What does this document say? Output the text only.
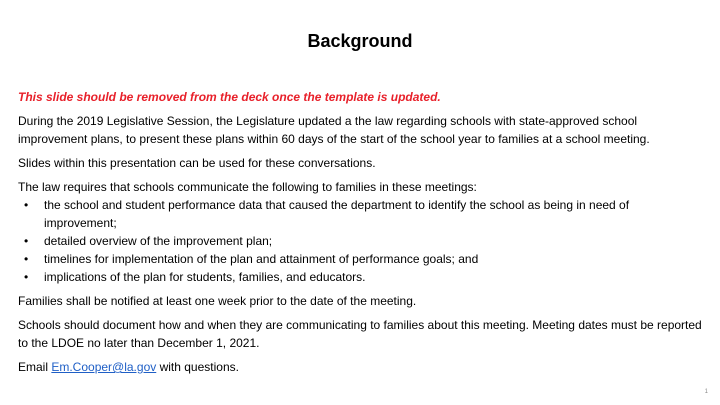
Background

This slide should be removed from the deck once the template is updated.

During the 2019 Legislative Session, the Legislature updated a the law regarding schools with state-approved school improvement plans, to present these plans within 60 days of the start of the school year to families at a school meeting.

Slides within this presentation can be used for these conversations.

The law requires that schools communicate the following to families in these meetings:

• the school and student performance data that caused the department to identify the school as being in need of improvement;
• detailed overview of the improvement plan;
• timelines for implementation of the plan and attainment of performance goals; and
• implications of the plan for students, families, and educators.

Families shall be notified at least one week prior to the date of the meeting.

Schools should document how and when they are communicating to families about this meeting. Meeting dates must be reported to the LDOE no later than December 1, 2021.

Email Em.Cooper@la.gov with questions.

1
